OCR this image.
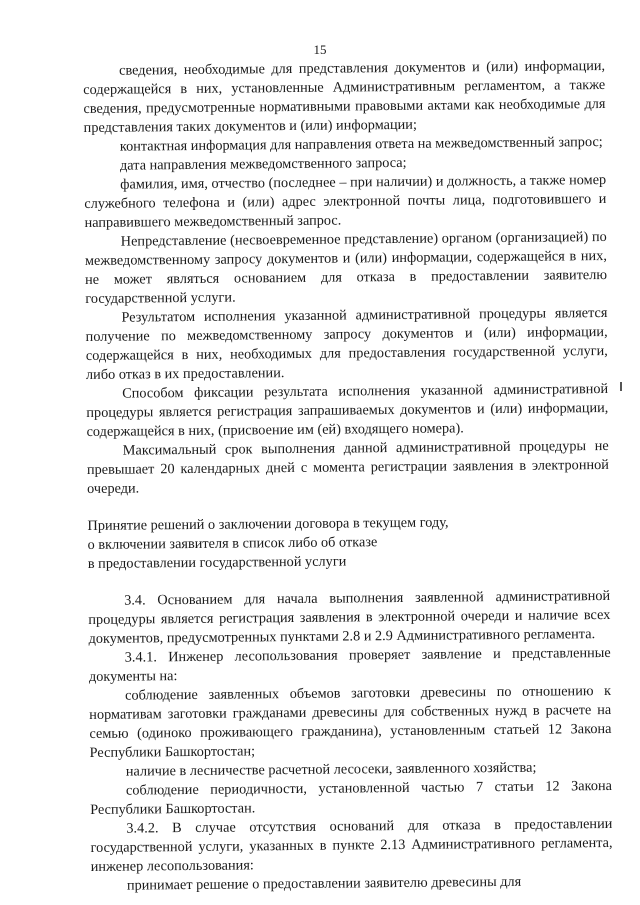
15

сведения, необходимые для представления документов и (или) информации, содержащейся в них, установленные Административным регламентом, а также сведения, предусмотренные нормативными правовыми актами как необходимые для представления таких документов и (или) информации;

контактная информация для направления ответа на межведомственный запрос;

дата направления межведомственного запроса;

фамилия, имя, отчество (последнее – при наличии) и должность, а также номер служебного телефона и (или) адрес электронной почты лица, подготовившего и направившего межведомственный запрос.

Непредставление (несвоевременное представление) органом (организацией) по межведомственному запросу документов и (или) информации, содержащейся в них, не может являться основанием для отказа в предоставлении заявителю государственной услуги.

Результатом исполнения указанной административной процедуры является получение по межведомственному запросу документов и (или) информации, содержащейся в них, необходимых для предоставления государственной услуги, либо отказ в их предоставлении.

Способом фиксации результата исполнения указанной административной процедуры является регистрация запрашиваемых документов и (или) информации, содержащейся в них, (присвоение им (ей) входящего номера).

Максимальный срок выполнения данной административной процедуры не превышает 20 календарных дней с момента регистрации заявления в электронной очереди.

Принятие решений о заключении договора в текущем году,
о включении заявителя в список либо об отказе
в предоставлении государственной услуги

3.4. Основанием для начала выполнения заявленной административной процедуры является регистрация заявления в электронной очереди и наличие всех документов, предусмотренных пунктами 2.8 и 2.9 Административного регламента.

3.4.1. Инженер лесопользования проверяет заявление и представленные документы на:

соблюдение заявленных объемов заготовки древесины по отношению к нормативам заготовки гражданами древесины для собственных нужд в расчете на семью (одиноко проживающего гражданина), установленным статьей 12 Закона Республики Башкортостан;

наличие в лесничестве расчетной лесосеки, заявленного хозяйства;

соблюдение периодичности, установленной частью 7 статьи 12 Закона Республики Башкортостан.

3.4.2. В случае отсутствия оснований для отказа в предоставлении государственной услуги, указанных в пункте 2.13 Административного регламента, инженер лесопользования:

принимает решение о предоставлении заявителю древесины для
